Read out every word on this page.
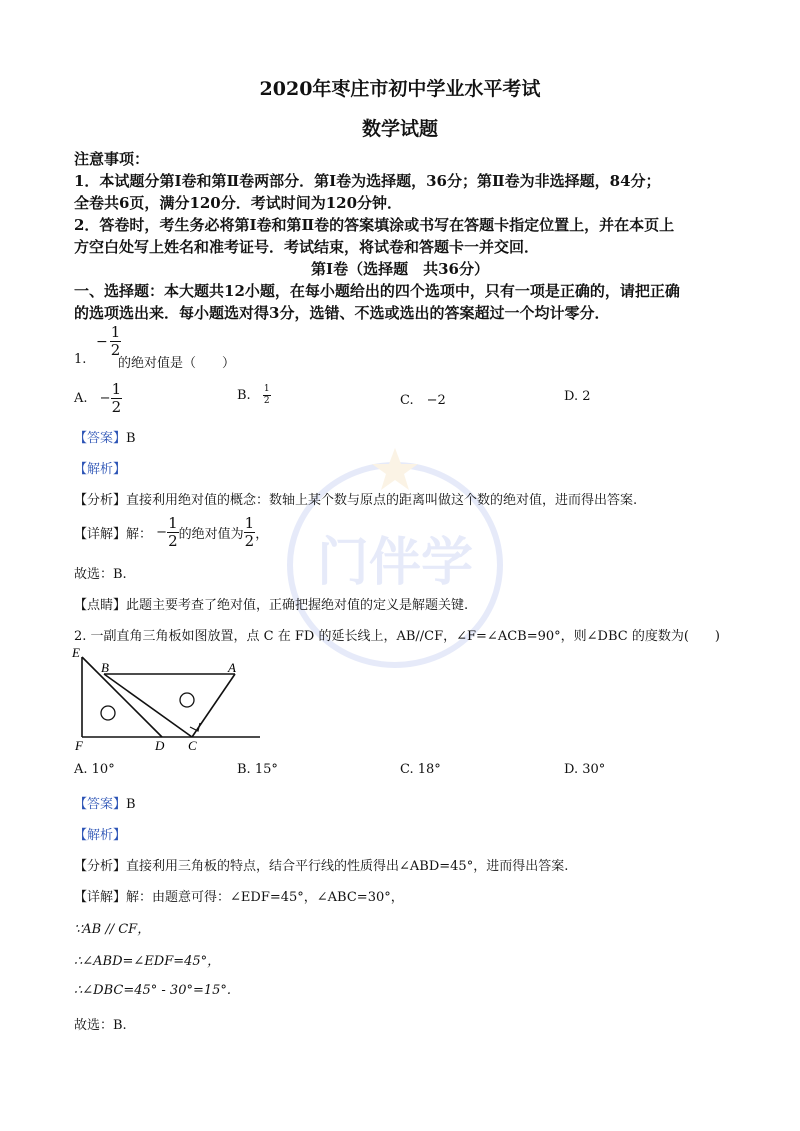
2020年枣庄市初中学业水平考试
数学试题
门伴学
注意事项：
1．本试题分第Ⅰ卷和第Ⅱ卷两部分．第Ⅰ卷为选择题，36分；第Ⅱ卷为非选择题，84分；
全卷共6页，满分120分．考试时间为120分钟．
2．答卷时，考生务必将第Ⅰ卷和第Ⅱ卷的答案填涂或书写在答题卡指定位置上，并在本页上
方空白处写上姓名和准考证号．考试结束，将试卷和答题卡一并交回．
第Ⅰ卷（选择题　共36分）
一、选择题：本大题共12小题，在每小题给出的四个选项中，只有一项是正确的，请把正确
的选项选出来．每小题选对得3分，选错、不选或选出的答案超过一个均计零分．
1.
− $\frac{1}{2}$
的绝对值是（　　）
A. − $\frac{1}{2}$	B. $\frac{1}{2}$	C.　−2	D. 2
【答案】B
【解析】
【分析】直接利用绝对值的概念：数轴上某个数与原点的距离叫做这个数的绝对值，进而得出答案.
【详解】解： − $\frac{1}{2}$ 的绝对值为 $\frac{1}{2}$ ，
故选：B.
【点睛】此题主要考查了绝对值，正确把握绝对值的定义是解题关键.
2. 一副直角三角板如图放置，点 C 在 FD 的延长线上，AB//CF，∠F=∠ACB=90°，则∠DBC 的度数为(　　)
E
B	A
F	D C
A. 10°	B. 15°	C. 18°	D. 30°
【答案】B
【解析】
【分析】直接利用三角板的特点，结合平行线的性质得出∠ABD=45°，进而得出答案.
【详解】解：由题意可得：∠EDF=45°，∠ABC=30°，
∵AB // CF，
∴∠ABD=∠EDF=45°，
∴∠DBC=45° - 30°=15°.
故选：B.
